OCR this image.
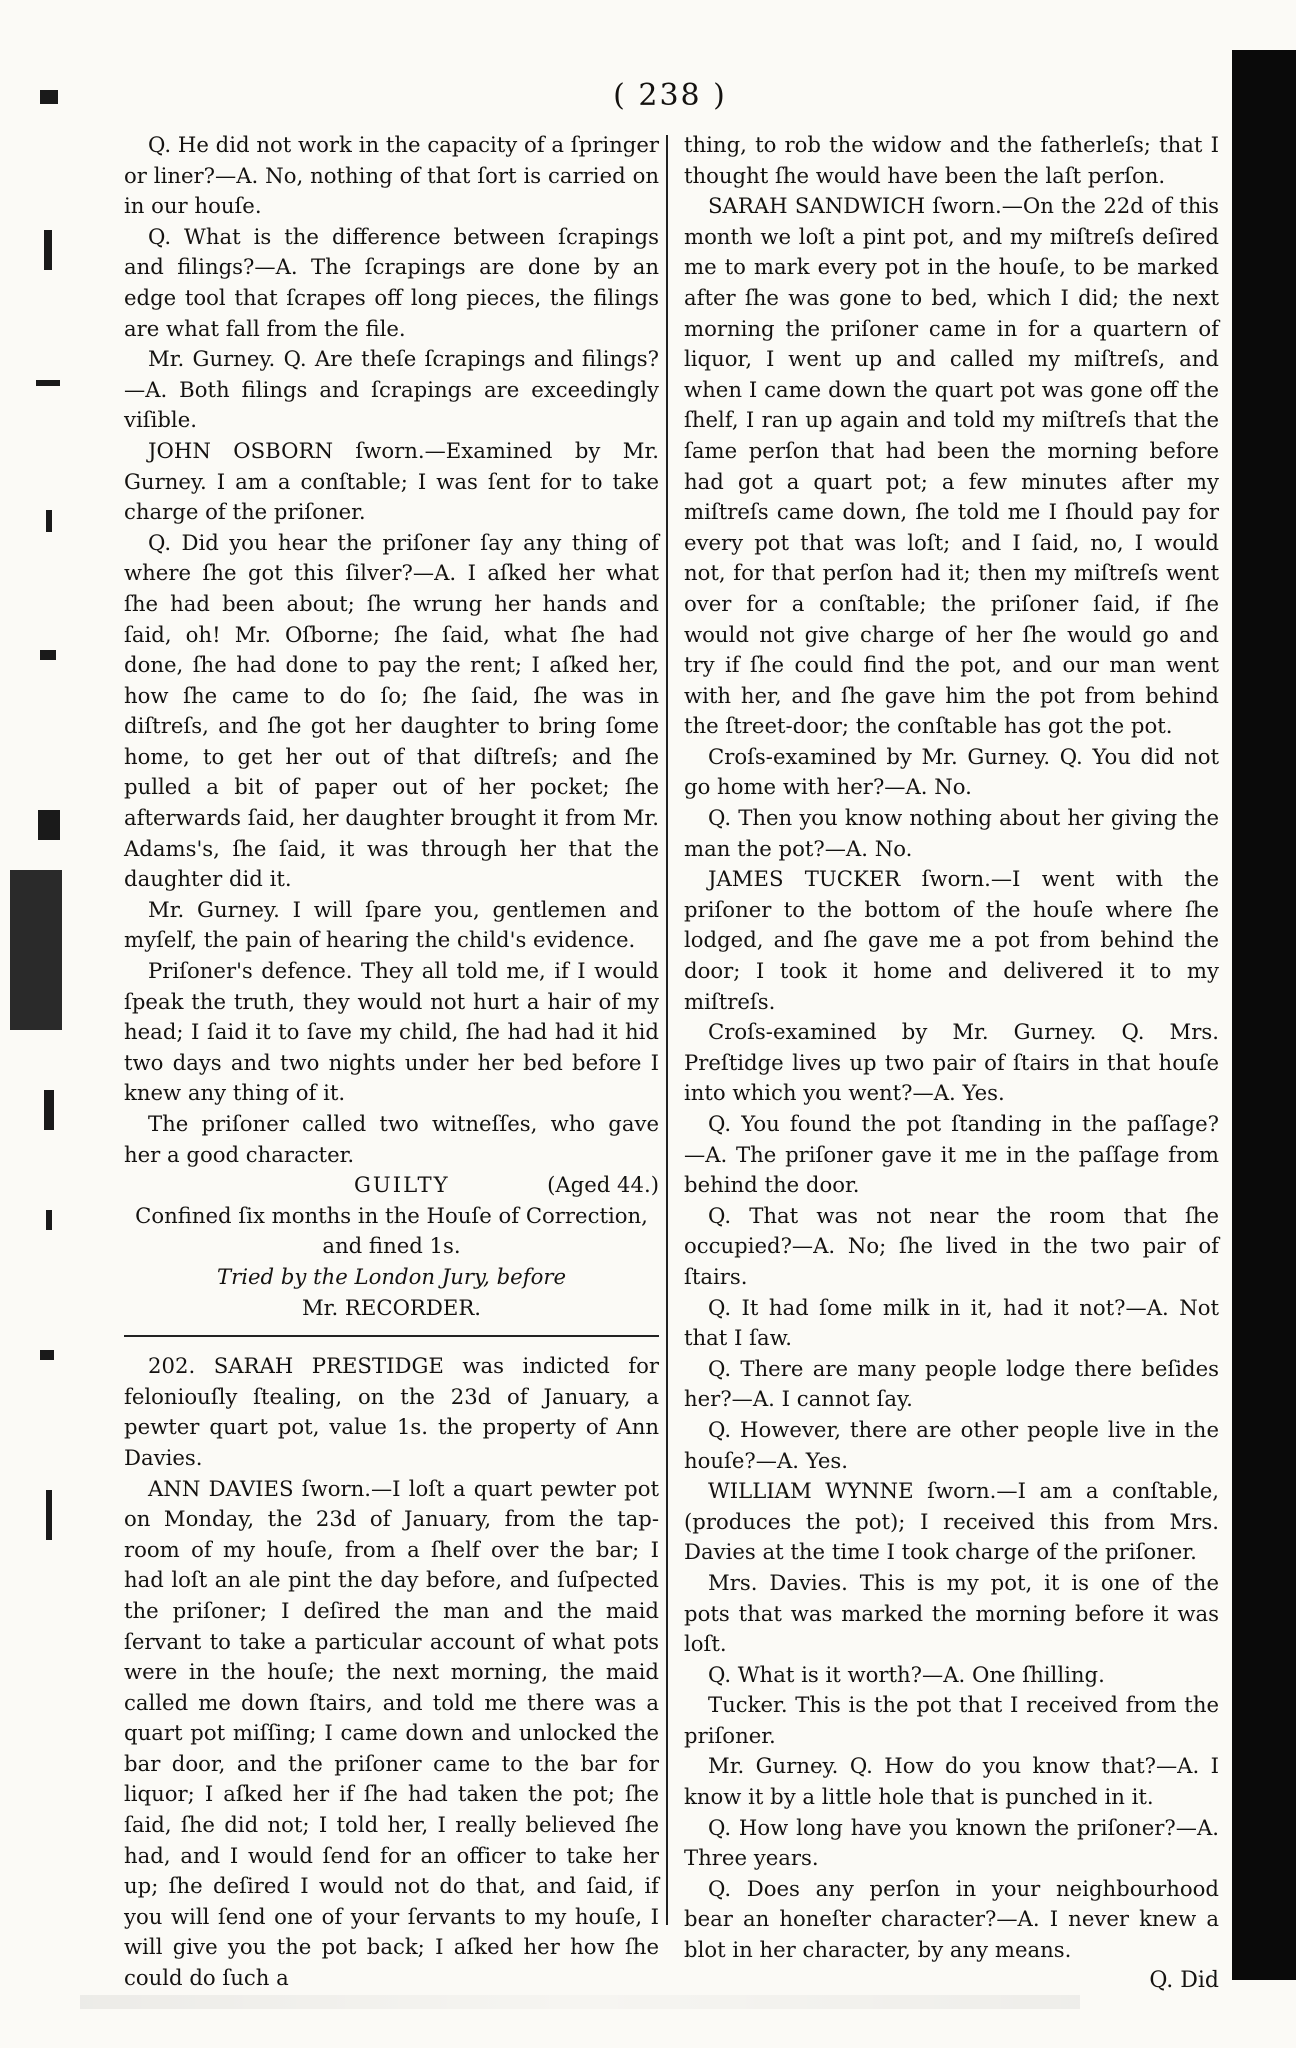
( 238 )

Q. He did not work in the capacity of a ſpringer or liner?—A. No, nothing of that ſort is carried on in our houſe.

Q. What is the difference between ſcrapings and filings?—A. The ſcrapings are done by an edge tool that ſcrapes off long pieces, the filings are what fall from the file.

Mr. Gurney. Q. Are theſe ſcrapings and filings? —A. Both filings and ſcrapings are exceedingly viſible.

JOHN OSBORN ſworn.—Examined by Mr. Gurney. I am a conſtable; I was ſent for to take charge of the priſoner.

Q. Did you hear the priſoner ſay any thing of where ſhe got this ſilver?—A. I aſked her what ſhe had been about; ſhe wrung her hands and ſaid, oh! Mr. Oſborne; ſhe ſaid, what ſhe had done, ſhe had done to pay the rent; I aſked her, how ſhe came to do ſo; ſhe ſaid, ſhe was in diſtreſs, and ſhe got her daughter to bring ſome home, to get her out of that diſtreſs; and ſhe pulled a bit of paper out of her pocket; ſhe afterwards ſaid, her daughter brought it from Mr. Adams's, ſhe ſaid, it was through her that the daughter did it.

Mr. Gurney. I will ſpare you, gentlemen and myſelf, the pain of hearing the child's evidence.

Priſoner's defence. They all told me, if I would ſpeak the truth, they would not hurt a hair of my head; I ſaid it to ſave my child, ſhe had had it hid two days and two nights under her bed before I knew any thing of it.

The priſoner called two witneſſes, who gave her a good character.

GUILTY	(Aged 44.)

Confined ſix months in the Houſe of Correction, and fined 1s.

Tried by the London Jury, before

Mr. RECORDER.

202. SARAH PRESTIDGE was indicted for feloniouſly ſtealing, on the 23d of January, a pewter quart pot, value 1s. the property of Ann Davies.

ANN DAVIES ſworn.—I loſt a quart pewter pot on Monday, the 23d of January, from the tap-room of my houſe, from a ſhelf over the bar; I had loſt an ale pint the day before, and ſuſpected the priſoner; I deſired the man and the maid ſervant to take a particular account of what pots were in the houſe; the next morning, the maid called me down ſtairs, and told me there was a quart pot miſſing; I came down and unlocked the bar door, and the priſoner came to the bar for liquor; I aſked her if ſhe had taken the pot; ſhe ſaid, ſhe did not; I told her, I really believed ſhe had, and I would ſend for an officer to take her up; ſhe deſired I would not do that, and ſaid, if you will ſend one of your ſervants to my houſe, I will give you the pot back; I aſked her how ſhe could do ſuch a

thing, to rob the widow and the fatherleſs; that I thought ſhe would have been the laſt perſon.

SARAH SANDWICH ſworn.—On the 22d of this month we loſt a pint pot, and my miſtreſs deſired me to mark every pot in the houſe, to be marked after ſhe was gone to bed, which I did; the next morning the priſoner came in for a quartern of liquor, I went up and called my miſtreſs, and when I came down the quart pot was gone off the ſhelf, I ran up again and told my miſtreſs that the ſame perſon that had been the morning before had got a quart pot; a few minutes after my miſtreſs came down, ſhe told me I ſhould pay for every pot that was loſt; and I ſaid, no, I would not, for that perſon had it; then my miſtreſs went over for a conſtable; the priſoner ſaid, if ſhe would not give charge of her ſhe would go and try if ſhe could find the pot, and our man went with her, and ſhe gave him the pot from behind the ſtreet-door; the conſtable has got the pot.

Croſs-examined by Mr. Gurney. Q. You did not go home with her?—A. No.

Q. Then you know nothing about her giving the man the pot?—A. No.

JAMES TUCKER ſworn.—I went with the priſoner to the bottom of the houſe where ſhe lodged, and ſhe gave me a pot from behind the door; I took it home and delivered it to my miſtreſs.

Croſs-examined by Mr. Gurney. Q. Mrs. Preſtidge lives up two pair of ſtairs in that houſe into which you went?—A. Yes.

Q. You found the pot ſtanding in the paſſage? —A. The priſoner gave it me in the paſſage from behind the door.

Q. That was not near the room that ſhe occupied?—A. No; ſhe lived in the two pair of ſtairs.

Q. It had ſome milk in it, had it not?—A. Not that I ſaw.

Q. There are many people lodge there beſides her?—A. I cannot ſay.

Q. However, there are other people live in the houſe?—A. Yes.

WILLIAM WYNNE ſworn.—I am a conſtable, (produces the pot); I received this from Mrs. Davies at the time I took charge of the priſoner.

Mrs. Davies. This is my pot, it is one of the pots that was marked the morning before it was loſt.

Q. What is it worth?—A. One ſhilling.

Tucker. This is the pot that I received from the priſoner.

Mr. Gurney. Q. How do you know that?—A. I know it by a little hole that is punched in it.

Q. How long have you known the priſoner?—A. Three years.

Q. Does any perſon in your neighbourhood bear an honeſter character?—A. I never knew a blot in her character, by any means.

Q. Did
